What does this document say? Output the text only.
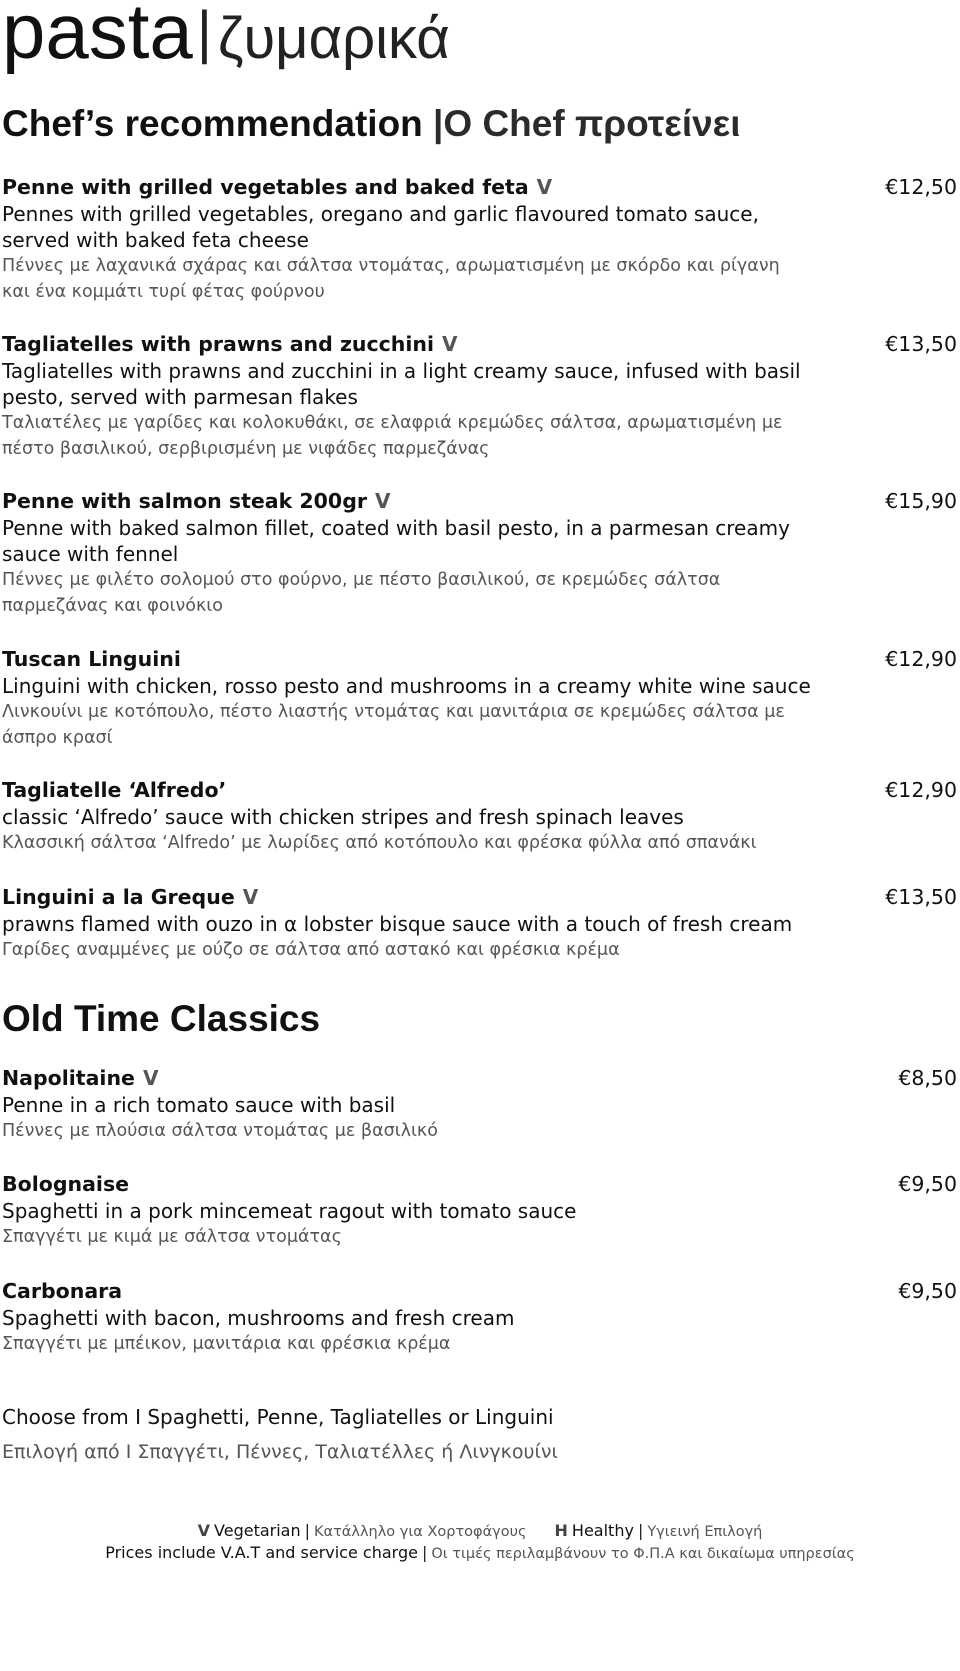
pasta| ζυμαρικά
Chef’s recommendation |Ο Chef προτείνει
Penne with grilled vegetables and baked feta V	€12,50
Pennes with grilled vegetables, oregano and garlic flavoured tomato sauce, served with baked feta cheese
Πέννες με λαχανικά σχάρας και σάλτσα ντομάτας, αρωματισμένη με σκόρδο και ρίγανη και ένα κομμάτι τυρί φέτας φούρνου
Tagliatelles with prawns and zucchini V	€13,50
Tagliatelles with prawns and zucchini in a light creamy sauce, infused with basil pesto, served with parmesan flakes
Ταλιατέλες με γαρίδες και κολοκυθάκι, σε ελαφριά κρεμώδες σάλτσα, αρωματισμένη με πέστο βασιλικού, σερβιρισμένη με νιφάδες παρμεζάνας
Penne with salmon steak 200gr V	€15,90
Penne with baked salmon fillet, coated with basil pesto, in a parmesan creamy sauce with fennel
Πέννες με φιλέτο σολομού στο φούρνο, με πέστο βασιλικού, σε κρεμώδες σάλτσα παρμεζάνας και φοινόκιο
Tuscan Linguini	€12,90
Linguini with chicken, rosso pesto and mushrooms in a creamy white wine sauce
Λινκουίνι με κοτόπουλο, πέστο λιαστής ντομάτας και μανιτάρια σε κρεμώδες σάλτσα με άσπρο κρασί
Tagliatelle ‘Alfredo’	€12,90
classic ‘Alfredo’ sauce with chicken stripes and fresh spinach leaves
Κλασσική σάλτσα ‘Alfredo’ με λωρίδες από κοτόπουλο και φρέσκα φύλλα από σπανάκι
Linguini a la Greque V	€13,50
prawns flamed with ouzo in α lobster bisque sauce with a touch of fresh cream
Γαρίδες αναμμένες με ούζο σε σάλτσα από αστακό και φρέσκια κρέμα
Old Time Classics
Napolitaine V	€8,50
Penne in a rich tomato sauce with basil
Πέννες με πλούσια σάλτσα ντομάτας με βασιλικό
Bolognaise	€9,50
Spaghetti in a pork mincemeat ragout with tomato sauce
Σπαγγέτι με κιμά με σάλτσα ντομάτας
Carbonara	€9,50
Spaghetti with bacon, mushrooms and fresh cream
Σπαγγέτι με μπέικον, μανιτάρια και φρέσκια κρέμα
Choose from I Spaghetti, Penne, Tagliatelles or Linguini
Επιλογή από I Σπαγγέτι, Πέννες, Ταλιατέλλες ή Λινγκουίνι
V Vegetarian | Κατάλληλο για Χορτοφάγους H Healthy | Υγιεινή Επιλογή
Prices include V.A.T and service charge | Οι τιμές περιλαμβάνουν το Φ.Π.Α και δικαίωμα υπηρεσίας
